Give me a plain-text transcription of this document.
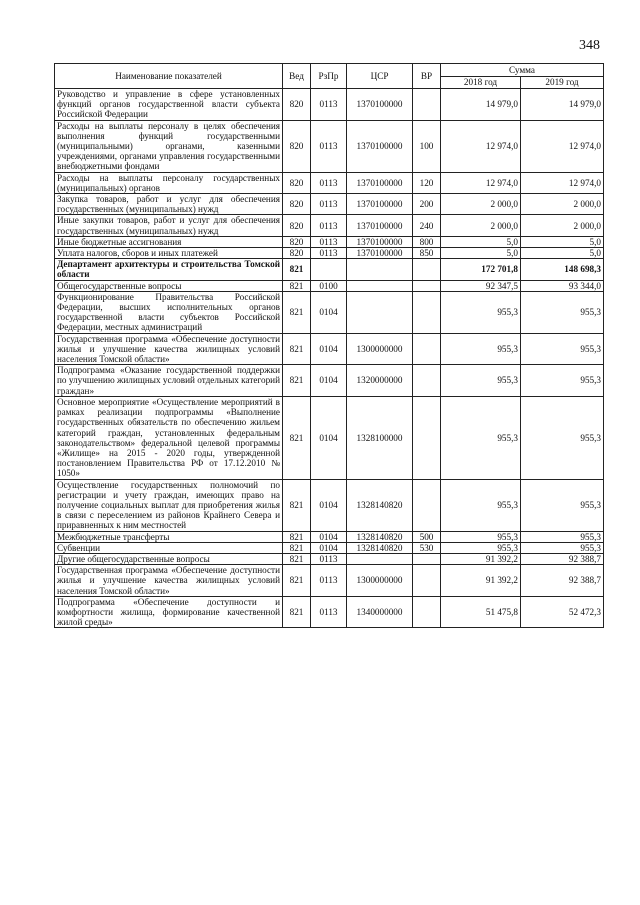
348
Наименование показателей	Вед	РзПр	ЦСР	ВР	Сумма	
					2018 год	2019 год
Руководство и управление в сфере установленных функций органов государственной власти субъекта Российской Федерации	820	0113	1370100000		14 979,0	14 979,0
Расходы на выплаты персоналу в целях обеспечения выполнения функций государственными (муниципальными) органами, казенными учреждениями, органами управления государственными внебюджетными фондами	820	0113	1370100000	100	12 974,0	12 974,0
Расходы на выплаты персоналу государственных (муниципальных) органов	820	0113	1370100000	120	12 974,0	12 974,0
Закупка товаров, работ и услуг для обеспечения государственных (муниципальных) нужд	820	0113	1370100000	200	2 000,0	2 000,0
Иные закупки товаров, работ и услуг для обеспечения государственных (муниципальных) нужд	820	0113	1370100000	240	2 000,0	2 000,0
Иные бюджетные ассигнования	820	0113	1370100000	800	5,0	5,0
Уплата налогов, сборов и иных платежей	820	0113	1370100000	850	5,0	5,0
Департамент архитектуры и строительства Томской области	821				172 701,8	148 698,3
Общегосударственные вопросы	821	0100			92 347,5	93 344,0
Функционирование Правительства Российской Федерации, высших исполнительных органов государственной власти субъектов Российской Федерации, местных администраций	821	0104			955,3	955,3
Государственная программа «Обеспечение доступности жилья и улучшение качества жилищных условий населения Томской области»	821	0104	1300000000		955,3	955,3
Подпрограмма «Оказание государственной поддержки по улучшению жилищных условий отдельных категорий граждан»	821	0104	1320000000		955,3	955,3
Основное мероприятие «Осуществление мероприятий в рамках реализации подпрограммы «Выполнение государственных обязательств по обеспечению жильем категорий граждан, установленных федеральным законодательством» федеральной целевой программы «Жилище» на 2015 - 2020 годы, утвержденной постановлением Правительства РФ от 17.12.2010 № 1050»	821	0104	1328100000		955,3	955,3
Осуществление государственных полномочий по регистрации и учету граждан, имеющих право на получение социальных выплат для приобретения жилья в связи с переселением из районов Крайнего Севера и приравненных к ним местностей	821	0104	1328140820		955,3	955,3
Межбюджетные трансферты	821	0104	1328140820	500	955,3	955,3
Субвенции	821	0104	1328140820	530	955,3	955,3
Другие общегосударственные вопросы	821	0113			91 392,2	92 388,7
Государственная программа «Обеспечение доступности жилья и улучшение качества жилищных условий населения Томской области»	821	0113	1300000000		91 392,2	92 388,7
Подпрограмма «Обеспечение доступности и комфортности жилища, формирование качественной жилой среды»	821	0113	1340000000		51 475,8	52 472,3
